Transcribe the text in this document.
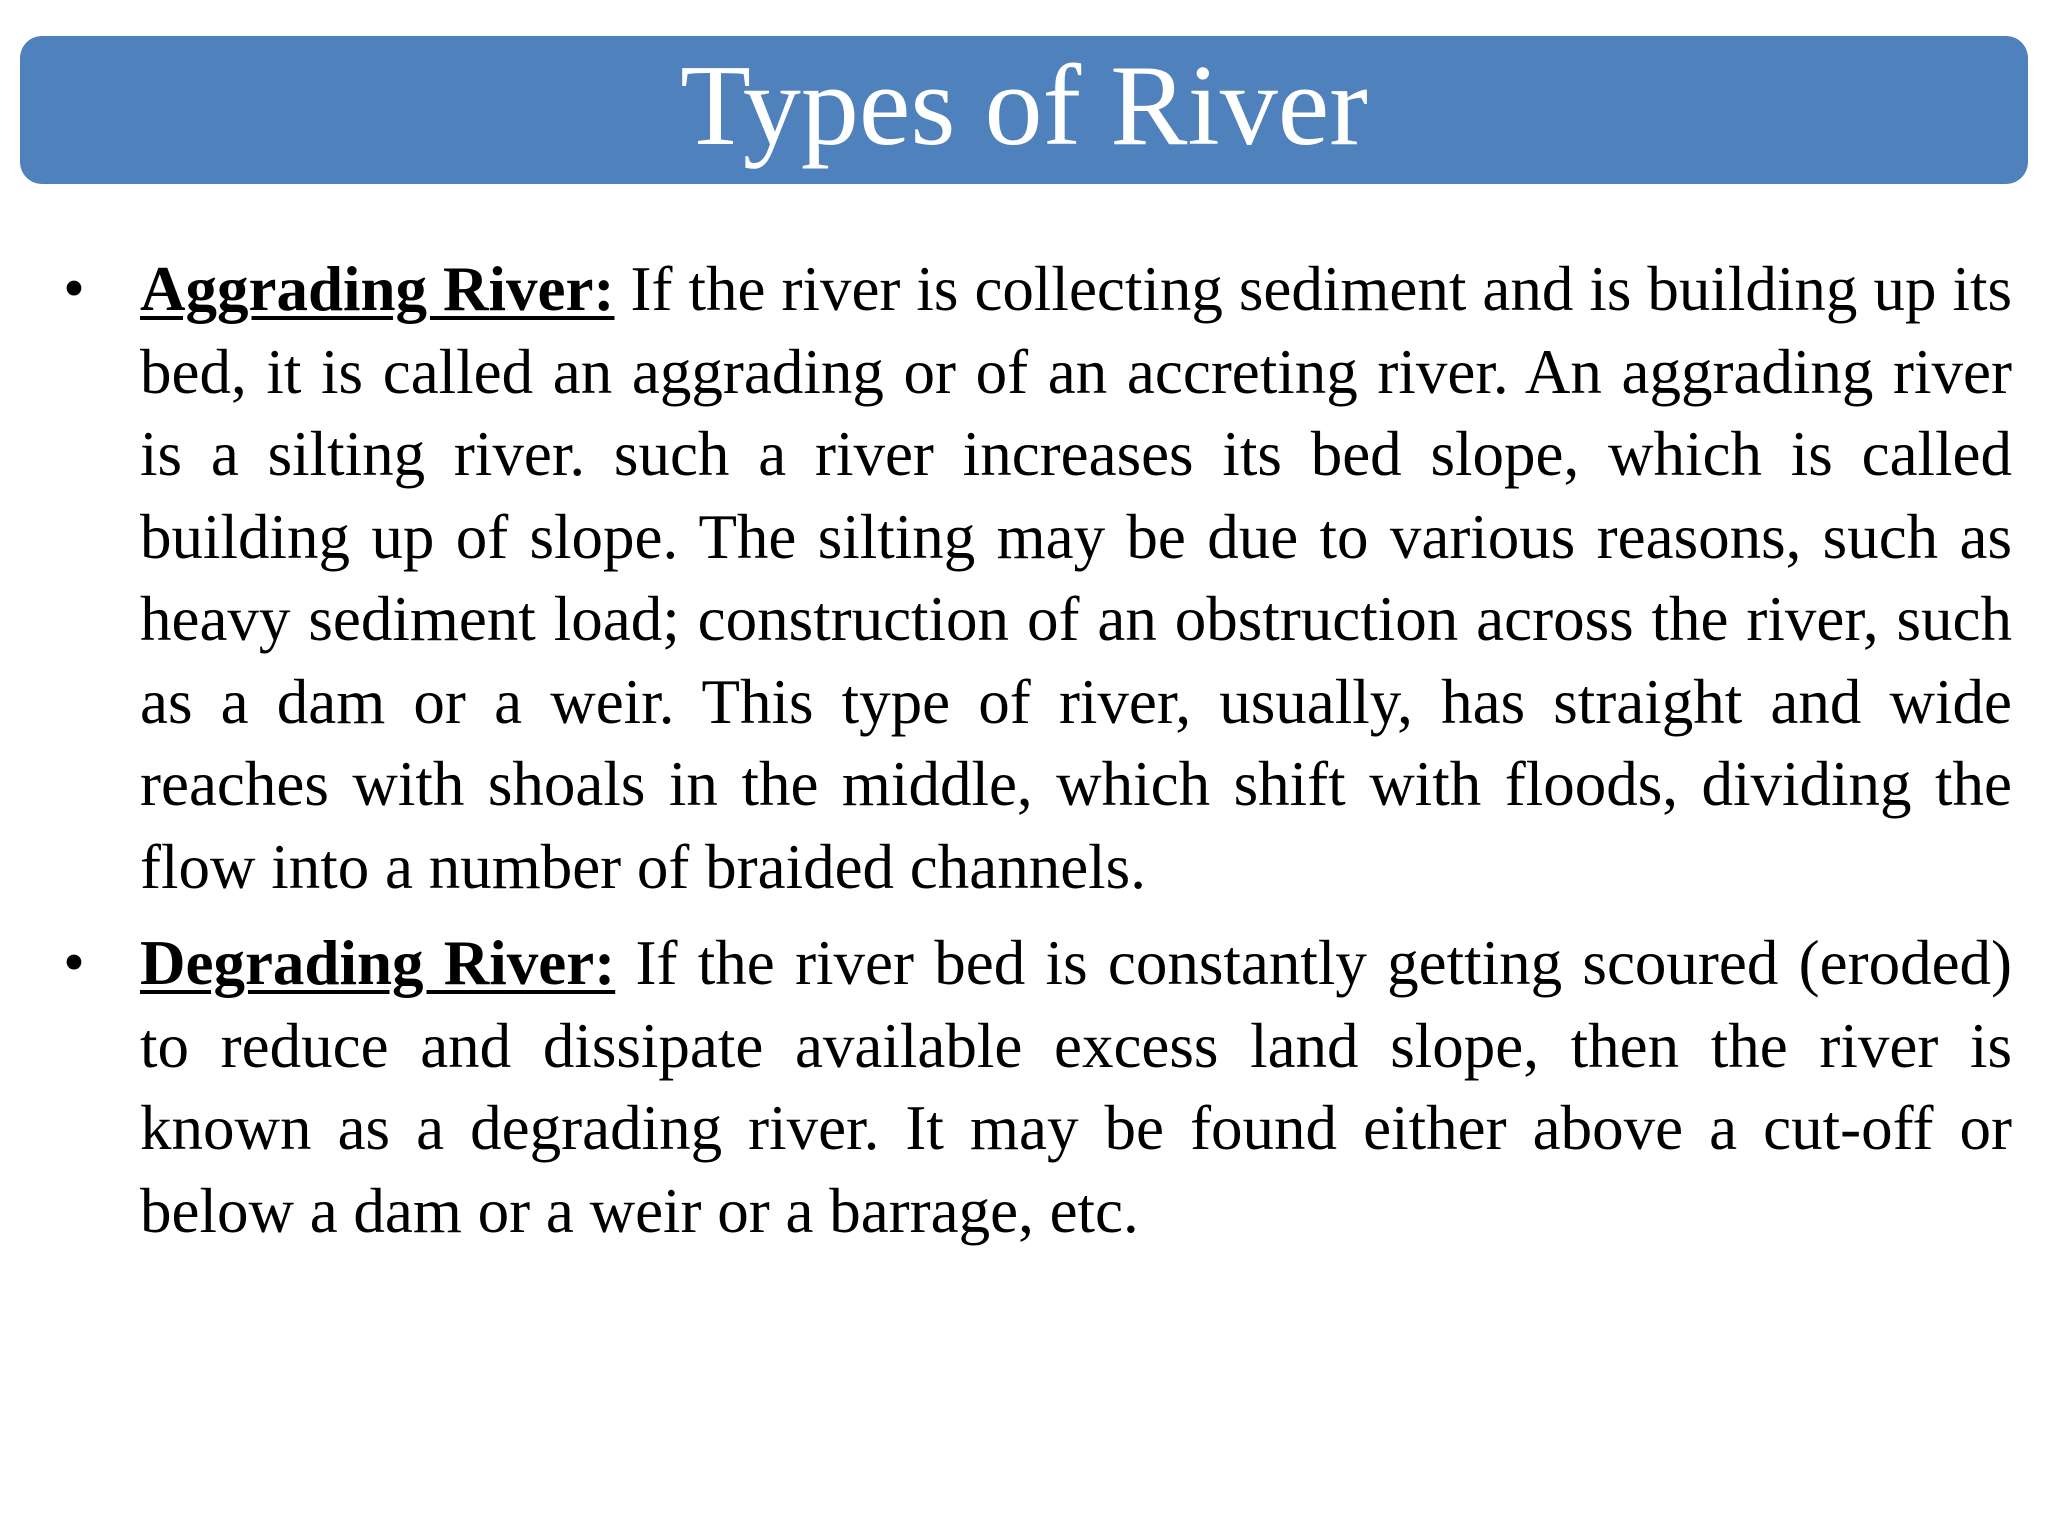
Types of River
• Aggrading River: If the river is collecting sediment and is building up its bed, it is called an aggrading or of an accreting river. An aggrading river is a silting river. such a river increases its bed slope, which is called building up of slope. The silting may be due to various reasons, such as heavy sediment load; construction of an obstruction across the river, such as a dam or a weir. This type of river, usually, has straight and wide reaches with shoals in the middle, which shift with floods, dividing the flow into a number of braided channels.
• Degrading River: If the river bed is constantly getting scoured (eroded) to reduce and dissipate available excess land slope, then the river is known as a degrading river. It may be found either above a cut-off or below a dam or a weir or a barrage, etc.
